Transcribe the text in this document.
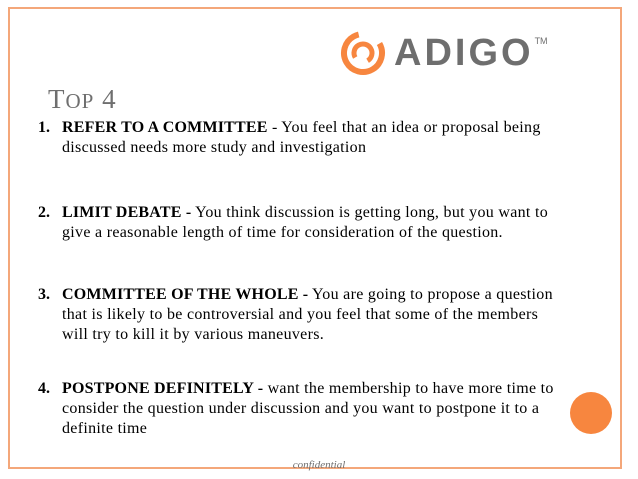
ADIGO TM
TOP 4
1. REFER TO A COMMITTEE - You feel that an idea or proposal being discussed needs more study and investigation
2. LIMIT DEBATE - You think discussion is getting long, but you want to give a reasonable length of time for consideration of the question.
3. COMMITTEE OF THE WHOLE - You are going to propose a question that is likely to be controversial and you feel that some of the members will try to kill it by various maneuvers.
4. POSTPONE DEFINITELY - want the membership to have more time to consider the question under discussion and you want to postpone it to a definite time
confidential
